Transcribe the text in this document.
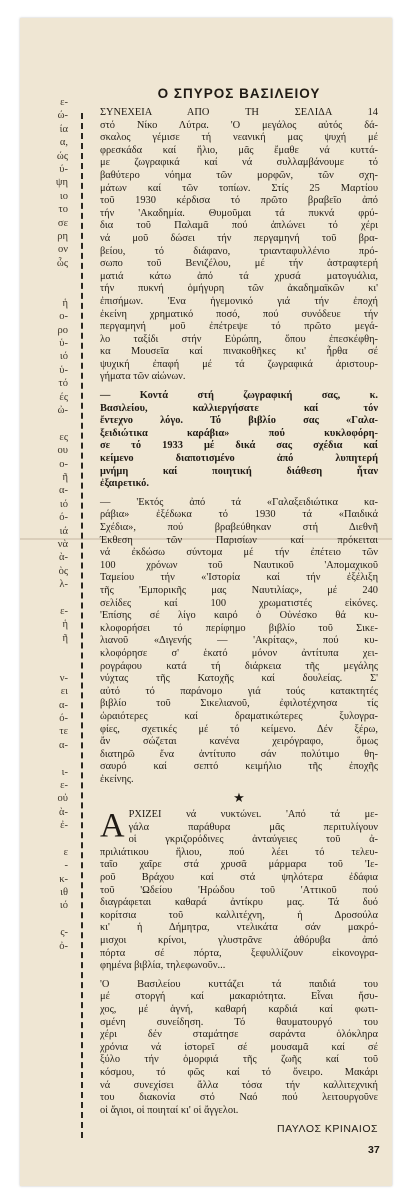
ε-
ώ-
ία
α,
ώς
ύ-
ψη
ιο
το
σε
ρη
ον
ὧς
ἡ
ο-
ρο
ὑ-
ιό
ὑ-
τό
ές
ὠ-
ες
ου
ο-
ῆ
α-
ιό
ό-
ιά
νὰ
ὰ-
ὸς
λ-
ε-
ἡ
ῆ
ν-
ει
α-
ό-
τε
α-
ι-
ε-
οὐ
ὰ-
ἐ-
ε
-
κ-
ιθ
ιό
ς-
ὀ-
Ο ΣΠΥΡΟΣ ΒΑΣΙΛΕΙΟΥ

ΣΥΝΕΧΕΙΑ ΑΠΟ ΤΗ ΣΕΛΙΔΑ 14
στό Νίκο Λύτρα. 'Ο μεγάλος αὐτός δά-
σκαλος γέμισε τή νεανική μας ψυχή μέ
φρεσκάδα καί ἥλιο, μᾶς ἔμαθε νά κυττά-
με ζωγραφικά καί νά συλλαμβάνουμε τό
βαθύτερο νόημα τῶν μορφῶν, τῶν σχη-
μάτων καί τῶν τοπίων. Στίς 25 Μαρτίου
τοῦ 1930 κέρδισα τό πρῶτο βραβεῖο ἀπό
τήν 'Ακαδημία. Θυμοῦμαι τά πυκνά φρύ-
δια τοῦ Παλαμᾶ πού ἁπλώνει τό χέρι
νά μοῦ δώσει τήν περγαμηνή τοῦ βρα-
βείου, τό διάφανο, τριανταφυλλένιο πρό-
σωπο τοῦ Βενιζέλου, μέ τήν ἀστραφτερή
ματιά κάτω ἀπό τά χρυσά ματογυάλια,
τήν πυκνή ὁμήγυρη τῶν ἀκαδημαϊκῶν κι'
ἐπισήμων. 'Ενα ἡγεμονικό γιά τήν ἐποχή
ἐκείνη χρηματικό ποσό, πού συνόδευε τήν
περγαμηνή μοῦ ἐπέτρεψε τό πρῶτο μεγά-
λο ταξίδι στήν Εὐρώπη, ὅπου ἐπεσκέφθη-
κα Μουσεῖα καί πινακοθῆκες κι' ἦρθα σέ
ψυχική ἐπαφή μέ τά ζωγραφικά ἀριστουρ-
γήματα τῶν αἰώνων.

— Κοντά στή ζωγραφική σας, κ.
Βασιλείου, καλλιεργήσατε καί τόν
ἔντεχνο λόγο. Τό βιβλίο σας «Γαλα-
ξειδιώτικα καράβια» πού κυκλοφόρη-
σε τό 1933 μέ δικά σας σχέδια καί
κείμενο διαποτισμένο ἀπό λυπητερή
μνήμη καί ποιητική διάθεση ἦταν
ἐξαιρετικό.

— 'Εκτός ἀπό τά «Γαλαξειδιώτικα κα-
ράβια» ἐξέδωκα τό 1930 τά «Παιδικά
Σχέδια», πού βραβεύθηκαν στή Διεθνῆ
Έκθεση τῶν Παρισίων καί πρόκειται
νά ἐκδώσω σύντομα μέ τήν ἐπέτειο τῶν
100 χρόνων τοῦ Ναυτικοῦ 'Απομαχικοῦ
Ταμείου τήν «'Ιστορία καί τήν ἐξέλιξη
τῆς 'Εμπορικῆς μας Ναυτιλίας», μέ 240
σελίδες καί 100 χρωματιστές εἰκόνες.
'Επίσης σέ λίγο καιρό ὁ Οὐνέσκο θά κυ-
κλοφορήσει τό περίφημο βιβλίο τοῦ Σικε-
λιανοῦ «Διγενής — 'Ακρίτας», πού κυ-
κλοφόρησε σ' ἑκατό μόνον ἀντίτυπα χει-
ρογράφου κατά τή διάρκεια τῆς μεγάλης
νύχτας τῆς Κατοχῆς καί δουλείας. Σ'
αὐτό τό παράνομο γιά τούς κατακτητές
βιβλίο τοῦ Σικελιανοῦ, ἐφιλοτέχνησα τίς
ὡραιότερες καί δραματικώτερες ξυλογρα-
φίες, σχετικές μέ τό κείμενο. Δέν ξέρω,
ἄν σώζεται κανένα χειρόγραφο, ὅμως
διατηρῶ ἕνα ἀντίτυπο σάν πολύτιμο θη-
σαυρό καί σεπτό κειμήλιο τῆς ἐποχῆς
ἐκείνης.

★

Α ΡΧΙΖΕΙ νά νυκτώνει. 'Από τά με-
γάλα παράθυρα μᾶς περιτυλίγουν
οἱ γκριζορόδινες ἀνταύγειες τοῦ ἀ-
πριλιάτικου ἥλιου, πού λέει τό τελευ-
ταῖο χαῖρε στά χρυσᾶ μάρμαρα τοῦ 'Ιε-
ροῦ Βράχου καί στά ψηλότερα ἐδάφια
τοῦ 'Ωδείου 'Ηρώδου τοῦ 'Αττικοῦ πού
διαγράφεται καθαρά ἀντίκρυ μας. Τά δυό
κορίτσια τοῦ καλλιτέχνη, ἡ Δροσούλα
κι' ἡ Δήμητρα, ντελικάτα σάν μακρό-
μισχοι κρίνοι, γλυστρᾶνε ἀθόρυβα ἀπό
πόρτα σέ πόρτα, ξεφυλλίζουν εἰκονογρα-
φημένα βιβλία, τηλεφωνοῦν...

'Ο Βασιλείου κυττάζει τά παιδιά του
μέ στοργή καί μακαριότητα. Εἶναι ἥσυ-
χος, μέ ἁγνή, καθαρή καρδιά καί φωτι-
σμένη συνείδηση. Τό θαυματουργό του
χέρι δέν σταμάτησε σαράντα ὁλόκληρα
χρόνια νά ἱστορεῖ σέ μουσαμᾶ καί σέ
ξύλο τήν ὀμορφιά τῆς ζωῆς καί τοῦ
κόσμου, τό φῶς καί τό ὄνειρο. Μακάρι
νά συνεχίσει ἄλλα τόσα τήν καλλιτεχνική
του διακονία στό Ναό πού λειτουργοῦνε
οἱ ἅγιοι, οἱ ποιηταί κι' οἱ ἄγγελοι.

ΠΑΥΛΟΣ ΚΡΙΝΑΙΟΣ
37
